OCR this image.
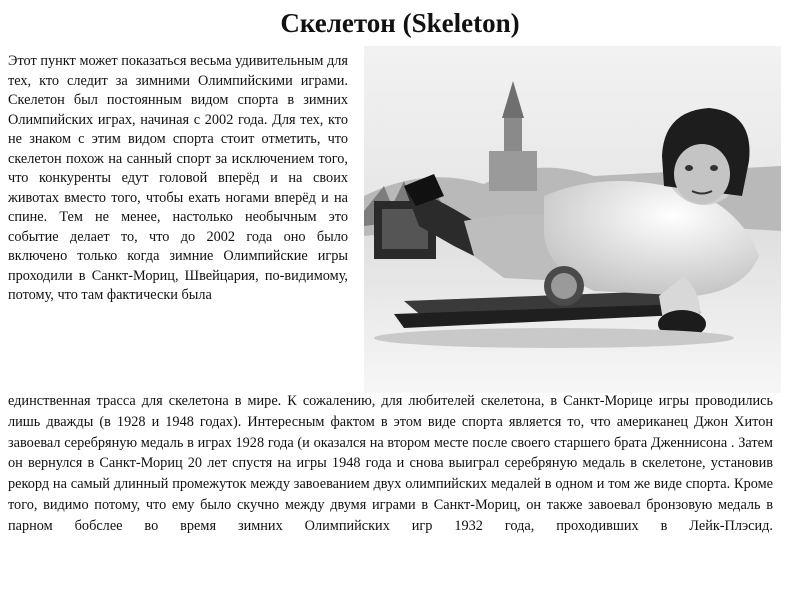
Скелетон (Skeleton)

Этот пункт может показаться весьма удивительным для тех, кто следит за зимними Олимпийскими играми. Скелетон был постоянным видом спорта в зимних Олимпийских играх, начиная с 2002 года. Для тех, кто не знаком с этим видом спорта стоит отметить, что скелетон похож на санный спорт за исключением того, что конкуренты едут головой вперёд и на своих животах вместо того, чтобы ехать ногами вперёд и на спине. Тем не менее, настолько необычным это событие делает то, что до 2002 года оно было включено только когда зимние Олимпийские игры проходили в Санкт-Мориц, Швейцария, по-видимому, потому, что там фактически была

единственная трасса для скелетона в мире. К сожалению, для любителей скелетона, в Санкт-Морице игры проводились лишь дважды (в 1928 и 1948 годах). Интересным фактом в этом виде спорта является то, что американец Джон Хитон завоевал серебряную медаль в играх 1928 года (и оказался на втором месте после своего старшего брата Дженнисона . Затем он вернулся в Санкт-Мориц 20 лет спустя на игры 1948 года и снова выиграл серебряную медаль в скелетоне, установив рекорд на самый длинный промежуток между завоеванием двух олимпийских медалей в одном и том же виде спорта. Кроме того, видимо потому, что ему было скучно между двумя играми в Санкт-Мориц, он также завоевал бронзовую медаль в парном бобслее во время зимних Олимпийских игр 1932 года, проходивших в Лейк-Плэсид.
